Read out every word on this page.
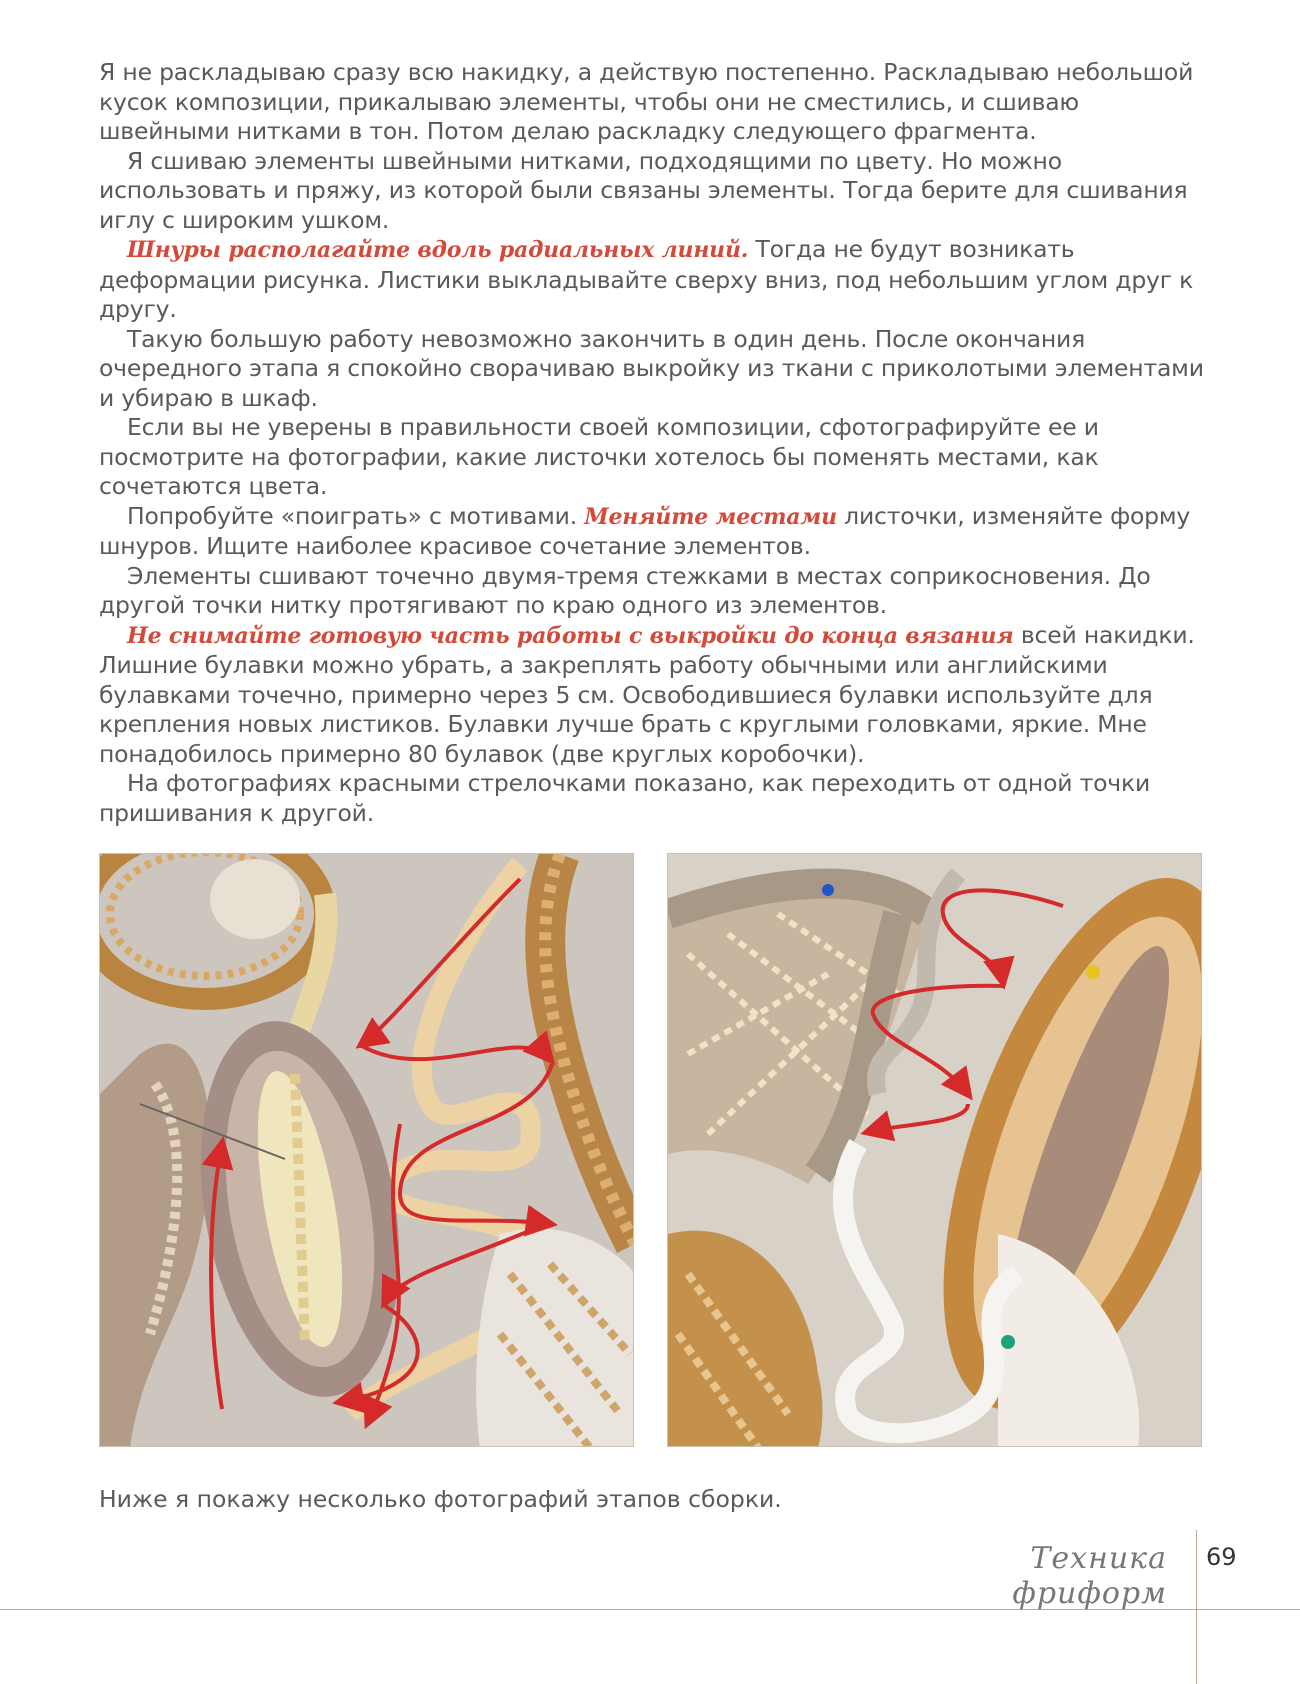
Я не раскладываю сразу всю накидку, а действую постепенно. Раскладываю небольшой кусок композиции, прикалываю элементы, чтобы они не сместились, и сшиваю швейными нитками в тон. Потом делаю раскладку следующего фрагмента.

Я сшиваю элементы швейными нитками, подходящими по цвету. Но можно использовать и пряжу, из которой были связаны элементы. Тогда берите для сшивания иглу с широким ушком.

Шнуры располагайте вдоль радиальных линий. Тогда не будут возникать деформации рисунка. Листики выкладывайте сверху вниз, под небольшим углом друг к другу.

Такую большую работу невозможно закончить в один день. После окончания очередного этапа я спокойно сворачиваю выкройку из ткани с приколотыми элементами и убираю в шкаф.

Если вы не уверены в правильности своей композиции, сфотографируйте ее и посмотрите на фотографии, какие листочки хотелось бы поменять местами, как сочетаются цвета.

Попробуйте «поиграть» с мотивами. Меняйте местами листочки, изменяйте форму шнуров. Ищите наиболее красивое сочетание элементов.

Элементы сшивают точечно двумя-тремя стежками в местах соприкосновения. До другой точки нитку протягивают по краю одного из элементов.

Не снимайте готовую часть работы с выкройки до конца вязания всей накидки. Лишние булавки можно убрать, а закреплять работу обычными или английскими булавками точечно, примерно через 5 см. Освободившиеся булавки используйте для крепления новых листиков. Булавки лучше брать с круглыми головками, яркие. Мне понадобилось примерно 80 булавок (две круглых коробочки).

На фотографиях красными стрелочками показано, как переходить от одной точки пришивания к другой.

Ниже я покажу несколько фотографий этапов сборки.
Техника фриформ
69
